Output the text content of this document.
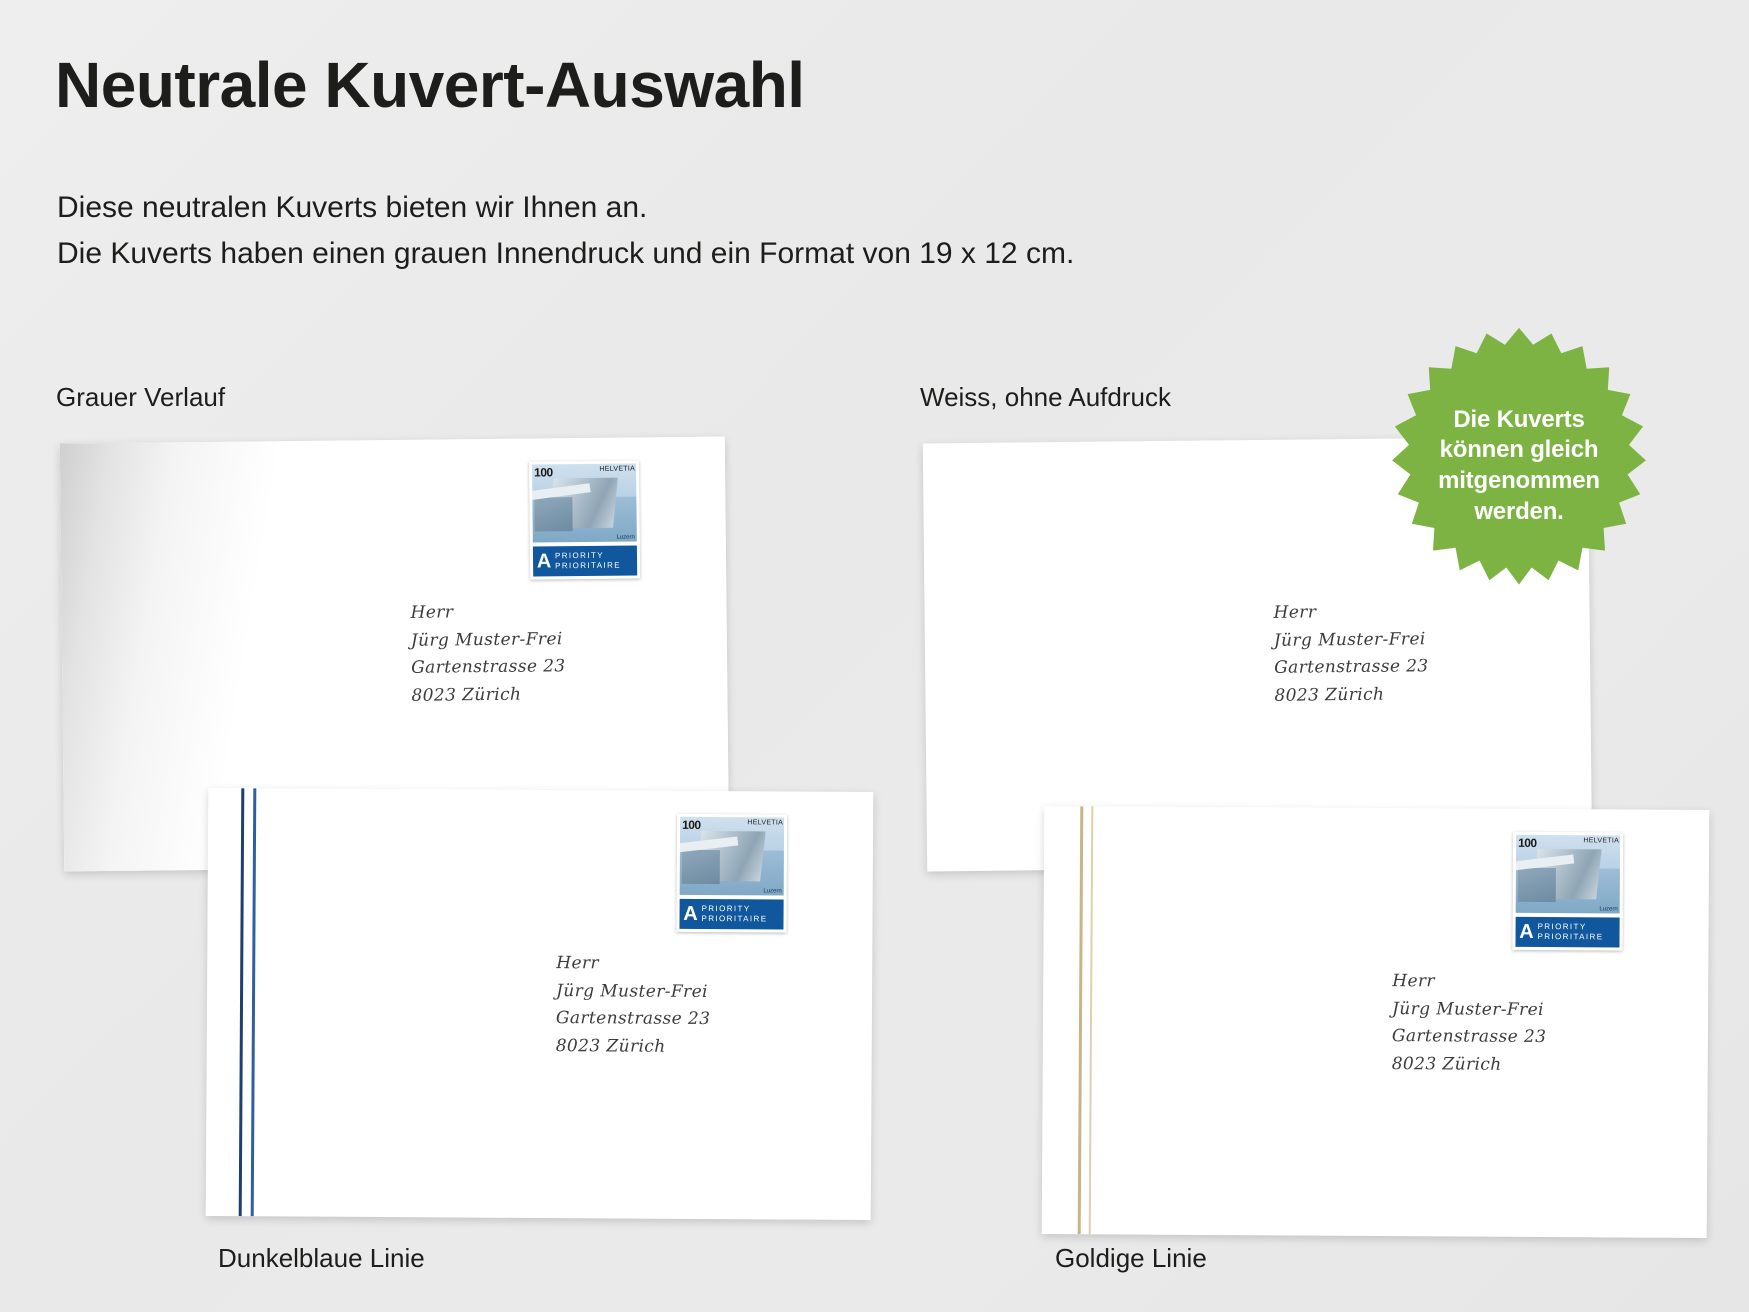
Neutrale Kuvert-Auswahl
Diese neutralen Kuverts bieten wir Ihnen an.
Die Kuverts haben einen grauen Innendruck und ein Format von 19 x 12 cm.
Grauer Verlauf	Weiss, ohne Aufdruck
Dunkelblaue Linie	Goldige Linie
100	HELVETIA
Luzern
A PRIORITY
PRIORITAIRE
Herr
Jürg Muster-Frei
Gartenstrasse 23
8023 Zürich
Herr
Jürg Muster-Frei
Gartenstrasse 23
8023 Zürich
100	HELVETIA
Luzern
A PRIORITY
PRIORITAIRE
Herr
Jürg Muster-Frei
Gartenstrasse 23
8023 Zürich
100	HELVETIA
Luzern
A PRIORITY
PRIORITAIRE
Herr
Jürg Muster-Frei
Gartenstrasse 23
8023 Zürich
Die Kuverts
können gleich
mitgenommen
werden.
